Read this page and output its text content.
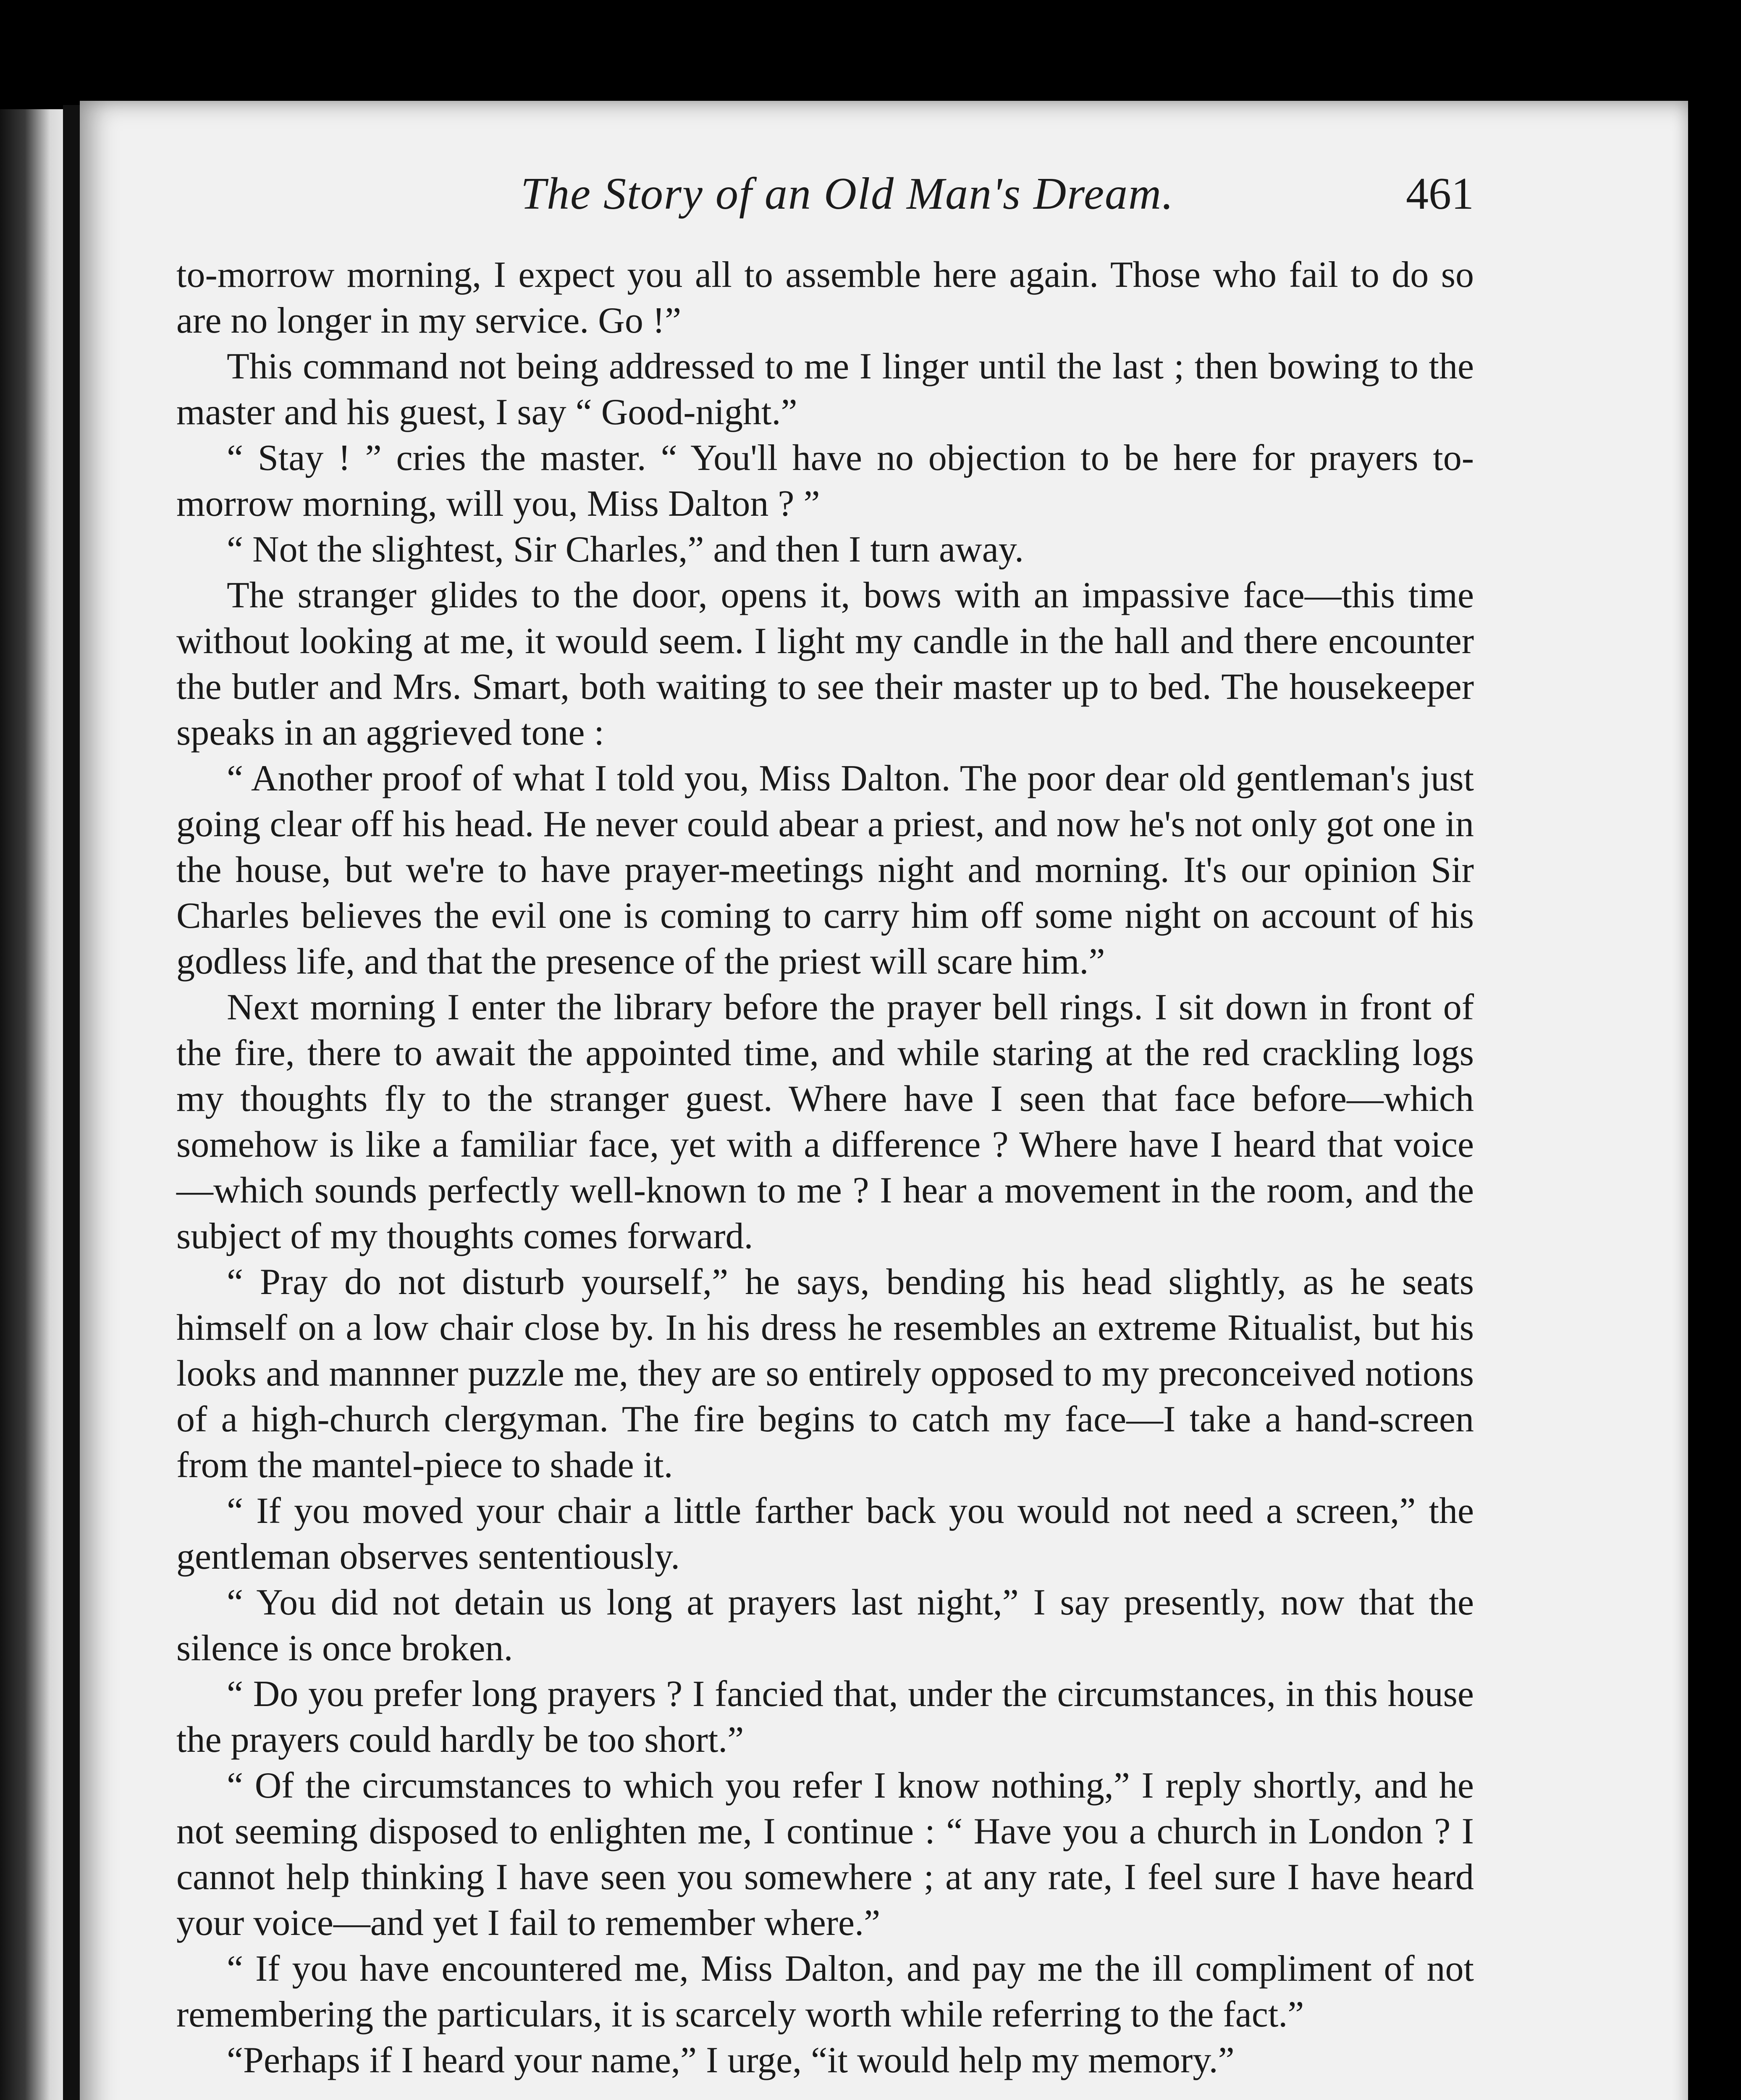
The Story of an Old Man's Dream.	461

to-morrow morning, I expect you all to assemble here again. Those who fail to do so are no longer in my service. Go !”

This command not being addressed to me I linger until the last ; then bowing to the master and his guest, I say “ Good-night.”

“ Stay ! ” cries the master. “ You'll have no objection to be here for prayers to-morrow morning, will you, Miss Dalton ? ”

“ Not the slightest, Sir Charles,” and then I turn away.

The stranger glides to the door, opens it, bows with an impassive face—this time without looking at me, it would seem. I light my candle in the hall and there encounter the butler and Mrs. Smart, both waiting to see their master up to bed. The housekeeper speaks in an aggrieved tone :

“ Another proof of what I told you, Miss Dalton. The poor dear old gentleman's just going clear off his head. He never could abear a priest, and now he's not only got one in the house, but we're to have prayer-meetings night and morning. It's our opinion Sir Charles believes the evil one is coming to carry him off some night on account of his godless life, and that the presence of the priest will scare him.”

Next morning I enter the library before the prayer bell rings. I sit down in front of the fire, there to await the appointed time, and while staring at the red crackling logs my thoughts fly to the stranger guest. Where have I seen that face before—which somehow is like a familiar face, yet with a difference ? Where have I heard that voice—which sounds perfectly well-known to me ? I hear a movement in the room, and the subject of my thoughts comes forward.

“ Pray do not disturb yourself,” he says, bending his head slightly, as he seats himself on a low chair close by. In his dress he resembles an extreme Ritualist, but his looks and mannner puzzle me, they are so entirely opposed to my preconceived notions of a high-church clergyman. The fire begins to catch my face—I take a hand-screen from the mantel-piece to shade it.

“ If you moved your chair a little farther back you would not need a screen,” the gentleman observes sententiously.

“ You did not detain us long at prayers last night,” I say presently, now that the silence is once broken.

“ Do you prefer long prayers ? I fancied that, under the circumstances, in this house the prayers could hardly be too short.”

“ Of the circumstances to which you refer I know nothing,” I reply shortly, and he not seeming disposed to enlighten me, I continue : “ Have you a church in London ? I cannot help thinking I have seen you somewhere ; at any rate, I feel sure I have heard your voice—and yet I fail to remember where.”

“ If you have encountered me, Miss Dalton, and pay me the ill compliment of not remembering the particulars, it is scarcely worth while referring to the fact.”

“Perhaps if I heard your name,” I urge, “it would help my memory.”
